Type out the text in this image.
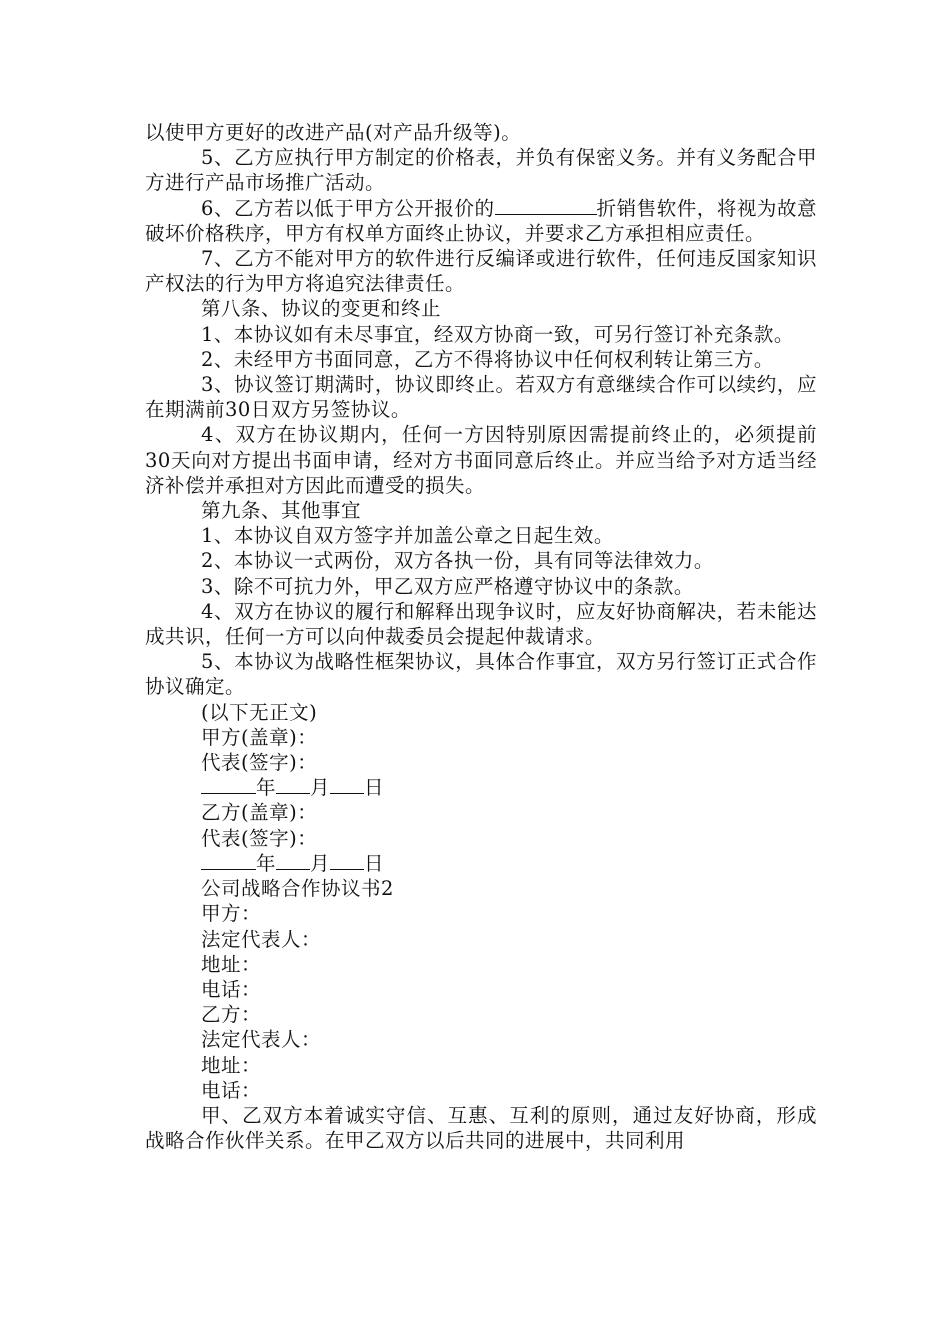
以使甲方更好的改进产品(对产品升级等)。

5、乙方应执行甲方制定的价格表，并负有保密义务。并有义务配合甲方进行产品市场推广活动。

6、乙方若以低于甲方公开报价的	折销售软件，将视为故意破坏价格秩序，甲方有权单方面终止协议，并要求乙方承担相应责任。

7、乙方不能对甲方的软件进行反编译或进行软件，任何违反国家知识产权法的行为甲方将追究法律责任。

第八条、协议的变更和终止

1、本协议如有未尽事宜，经双方协商一致，可另行签订补充条款。

2、未经甲方书面同意，乙方不得将协议中任何权利转让第三方。

3、协议签订期满时，协议即终止。若双方有意继续合作可以续约，应在期满前30日双方另签协议。

4、双方在协议期内，任何一方因特别原因需提前终止的，必须提前30天向对方提出书面申请，经对方书面同意后终止。并应当给予对方适当经济补偿并承担对方因此而遭受的损失。

第九条、其他事宜

1、本协议自双方签字并加盖公章之日起生效。

2、本协议一式两份，双方各执一份，具有同等法律效力。

3、除不可抗力外，甲乙双方应严格遵守协议中的条款。

4、双方在协议的履行和解释出现争议时，应友好协商解决，若未能达成共识，任何一方可以向仲裁委员会提起仲裁请求。

5、本协议为战略性框架协议，具体合作事宜，双方另行签订正式合作协议确定。

(以下无正文)

甲方(盖章)：

代表(签字)：

年 月 日

乙方(盖章)：

代表(签字)：

年 月 日

公司战略合作协议书2

甲方：

法定代表人：

地址：

电话：

乙方：

法定代表人：

地址：

电话：

甲、乙双方本着诚实守信、互惠、互利的原则，通过友好协商，形成战略合作伙伴关系。在甲乙双方以后共同的进展中，共同利用
